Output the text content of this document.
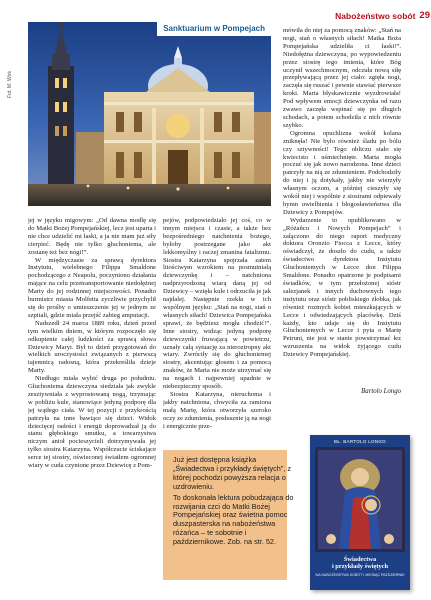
Nabożeństwo sobót 29
Fot. M. Woś
Sanktuarium w Pompejach

jej w języku migowym: „Od dawna modlę się do Matki Bożej Pompejańskiej, lecz jest uparta i nie chce udzielić mi łaski, a ja nie mam już siły cierpieć. Będę nie tylko głuchoniema, ale zostanę też bez nogi!”.

W międzyczasie za sprawą dyrektora Instytutu, wielebnego Filippa Smaldone pochodzącego z Neapolu, poczyniono działania mające na celu przetransportowanie niedołężnej Marty do jej rodzinnej miejscowości. Ponadto burmistrz miasta Molfetta zyczliwie przychylił się do prośby o umieszczenie jej w jednym ze szpitali, gdzie miała przejść zabieg amputacji.

Nadszedł 24 marca 1889 roku, dzień przed tym wielkim dniem, w którym rozpoczęło się odkupienie całej ludzkości za sprawą słowa Dziewicy Maryi. Był to dzień przygotowań do wielkich uroczystości związanych z pierwszą tajemnicą radosną, która przekreśliła dzieje Marty.

Niedługo miała wybić druga po południu. Głuchoniema dziewczyna siedziała jak zwykle zesztywniała z wyprostowaną nogą, trzymając w pobliżu kule, stanowiące jedyną podporę dla jej wątłego ciała. W tej pozycji z przykrością patrzyła na inne bawiące się dzieci. Widok dziecięcej radości i energii doprowadzał ją do stanu głębokiego smutku, a towarzystwa niczym anioł pocieszycieli dotrzymywała jej tylko siostra Katarzyna. Współczucie ściskające serce tej siostry, oświeconej światłem ogromnej wiary w cuda czynione przez Dziewicę z Pom-

pejów, podpowiedziało jej coś, co w innym miejscu i czasie, a także bez bezpośredniego natchnienia bożego, byłoby postrzegane jako akt lekkomyślny i raczej zmanina fatalizmu. Siostra Katarzyna spojrzała zatem litościwym wzrokiem na posmutniałą dziewczynkę i – natchniona nadprzyrodzoną wiarą daną jej od Dziewicy – wzięła kule i odrzuciła je jak najdalej. Następnie rzekła w ich wspólnym języku: „Stań na nogi, stań o własnych siłach! Dziewica Pompejańska sprawi, że będziesz mogła chodzić!”. Inne siostry, widząc jedyną podporę dziewczynki fruwającą w powietrzu, uznały całą sytuację za nieroztropny akt wiary. Zwróciły się do głuchoniemej siostry, akcentując głosem i za pomocą znaków, że Marta nie może utrzymać się na nogach i najpewniej upadnie w niebezpieczny sposób.

Siostra Katarzyna, nieruchoma i jakby natchniona, chwyciła za ramiona małą Martę, która otworzyła szeroko oczy ze zdumienia, posłusznie ją na nogi i energicznie prze-

mówiła do niej za pomocą znaków: „Stań na nogi, stań o własnych siłach! Matka Boża Pompejańska udzieliła ci łaski!”. Niedołężna dziewczyna, po wypowiedzeniu przez siostrę tego imienia, które Bóg uczynił wszechmocnym, odczuła nową siłę przepływającą przez jej ciało: zgięła nogi, zaczęła się ruszać i pewnie stawiać pierwsze kroki. Marta błyskawicznie wyzdrowiała! Pod wpływem emocji dziewczynka od razu zwawo zaczęła wspinać się po długich schodach, a potem schodziła z nich równie szybko.

Ogromna opuchlizna wokół kolana zniknęła! Nie było również śladu po bólu czy sztywności! Tego obliczu stało się kwiecisto i uśmiechnięte. Marta mogła poczuć się jak nowo narodzona. Inne dzieci patrzyły na nią ze zdumieniem. Podchodziły do niej i ją dotykały, jakby nie wierzyły własnym oczom, a później cieszyły się wokół niej i wspólnie z siostrami odpiewały hymn uwielbienia i błogosławieństwa dla Dziewicy z Pompejów.

Wydarzenie to opublikowano w „Różańcu i Nowych Pompejach” i załączono do niego raport medyczny doktora Oronzio Fiocca z Lecce, który oświadczył, że doszło do cudu, a także świadectwo dyrektora Instytutu Głuchoniemych w Lecce don Filippa Smaldone. Ponadto opatrzone je podpisami świadków, w tym przełożonej sióstr salezjanek i innych duchownych tego instytutu oraz sióstr pobliskiego żłobka, jak również rozmych kobiet mieszkających w Lecce i odwiedzających placówkę. Dziś każdy, kto udaje się do Instytutu Głuchoniemych w Lecce i pyta o Martę Petruni, nie jest w stanie powstrzymać łez wzruszenia na widok żyjącego cudu Dziewicy Pompejańskiej.

Bartolo Longo

Już jest dostępna książka „Świadectwa i przykłady świętych”, z której pochodzi powyższa relacja o uzdrowieniu.

To doskonała lektura pobudzająca do rozwijania czci do Matki Bożej Pompejańskiej oraz świetna pomoc duszpasterska na nabożeństwa różańca – te sobotnie i październikowe. Zob. na str. 52.

BŁ. BARTOLO LONGO
Świadectwa
i przykłady świętych
NA NABOŻEŃSTWA SOBÓT I MIESIĄC PAŹDZIERNIK
